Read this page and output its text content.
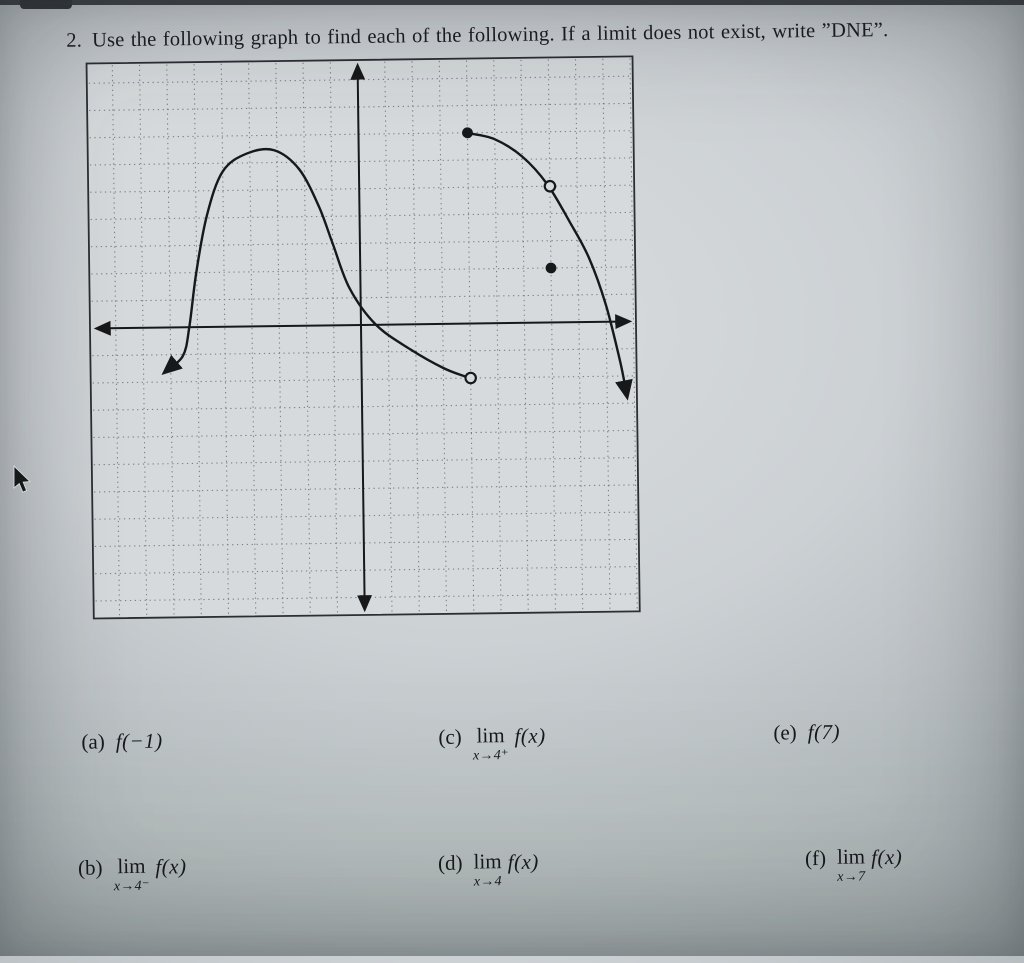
2. Use the following graph to find each of the following. If a limit does not exist, write ”DNE”.
(a) f(−1)	(c) lim
x→4⁺
f(x)	(e) f(7)
(b) lim
x→4⁻
f(x)	(d) lim
x→4
f(x)	(f) lim
x→7
f(x)
